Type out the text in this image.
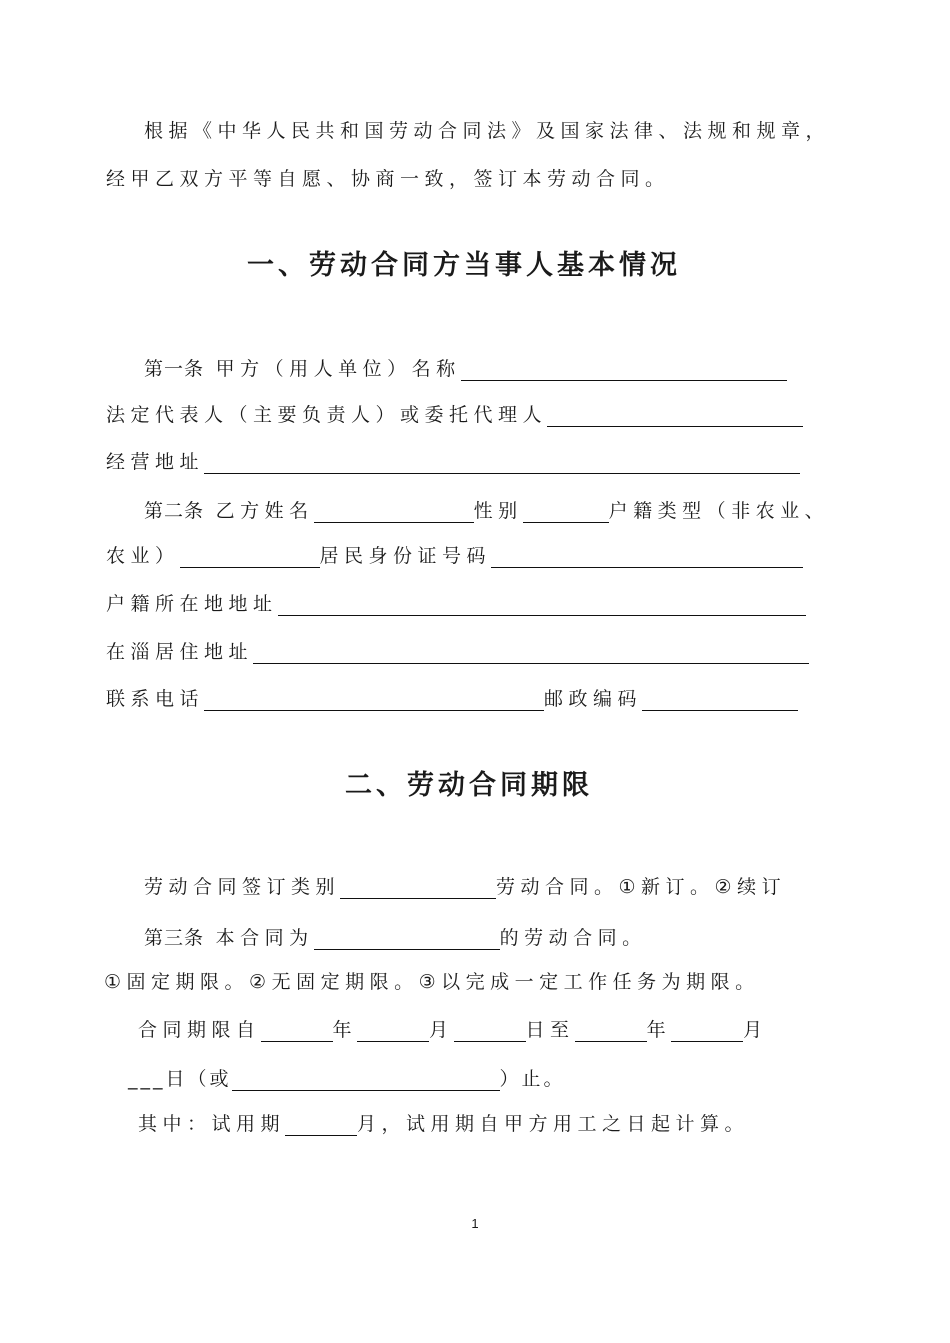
根据《中华人民共和国劳动合同法》及国家法律、法规和规章，
经甲乙双方平等自愿、协商一致，签订本劳动合同。
一、劳动合同方当事人基本情况
第一条 甲方（用人单位）名称
法定代表人（主要负责人）或委托代理人
经营地址
第二条 乙方姓名	性别	户籍类型（非农业、
农业）	居民身份证号码
户籍所在地地址
在淄居住地址
联系电话	邮政编码
二、劳动合同期限
劳动合同签订类别	劳动合同。①新订。②续订
第三条 本合同为	的劳动合同。
①固定期限。②无固定期限。③以完成一定工作任务为期限。
合同期限自	年	月	日至	年	月
___日（或	）止。
其中：试用期	月，试用期自甲方用工之日起计算。
1
